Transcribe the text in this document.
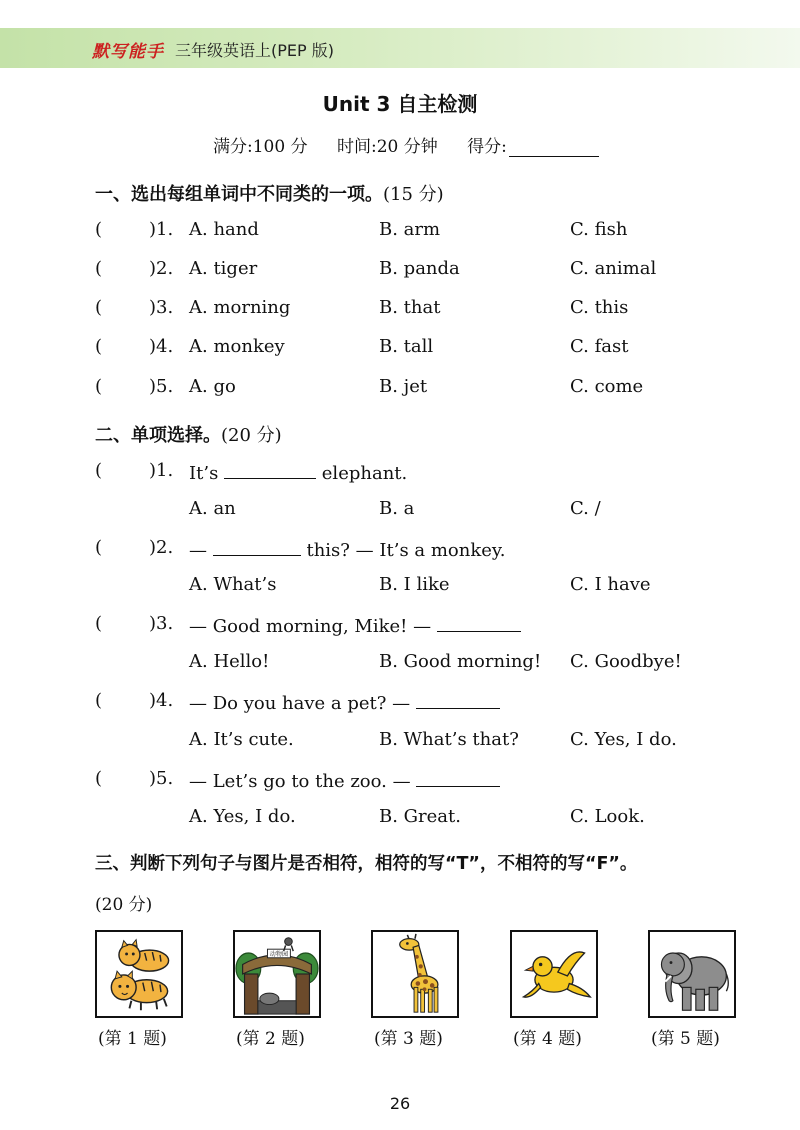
默写能手 三年级英语上(PEP 版)
Unit 3 自主检测
满分:100 分 时间:20 分钟 得分:
一、选出每组单词中不同类的一项。(15 分)
(	)1. A. hand	B. arm	C. fish
(	)2. A. tiger	B. panda	C. animal
(	)3. A. morning	B. that	C. this
(	)4. A. monkey	B. tall	C. fast
(	)5. A. go	B. jet	C. come
二、单项选择。(20 分)
(	)1. It’s	elephant.
A. an	B. a	C. /
(	)2. —	this? — It’s a monkey.
A. What’s	B. I like	C. I have
(	)3. — Good morning, Mike! —
A. Hello!	B. Good morning! C. Goodbye!
(	)4. — Do you have a pet? —
A. It’s cute.	B. What’s that?	C. Yes, I do.
(	)5. — Let’s go to the zoo. —
A. Yes, I do.	B. Great.	C. Look.
三、判断下列句子与图片是否相符，相符的写“T”，不相符的写“F”。
(20 分)
动物园
(第 1 题)	(第 2 题)	(第 3 题)	(第 4 题)	(第 5 题)
26
